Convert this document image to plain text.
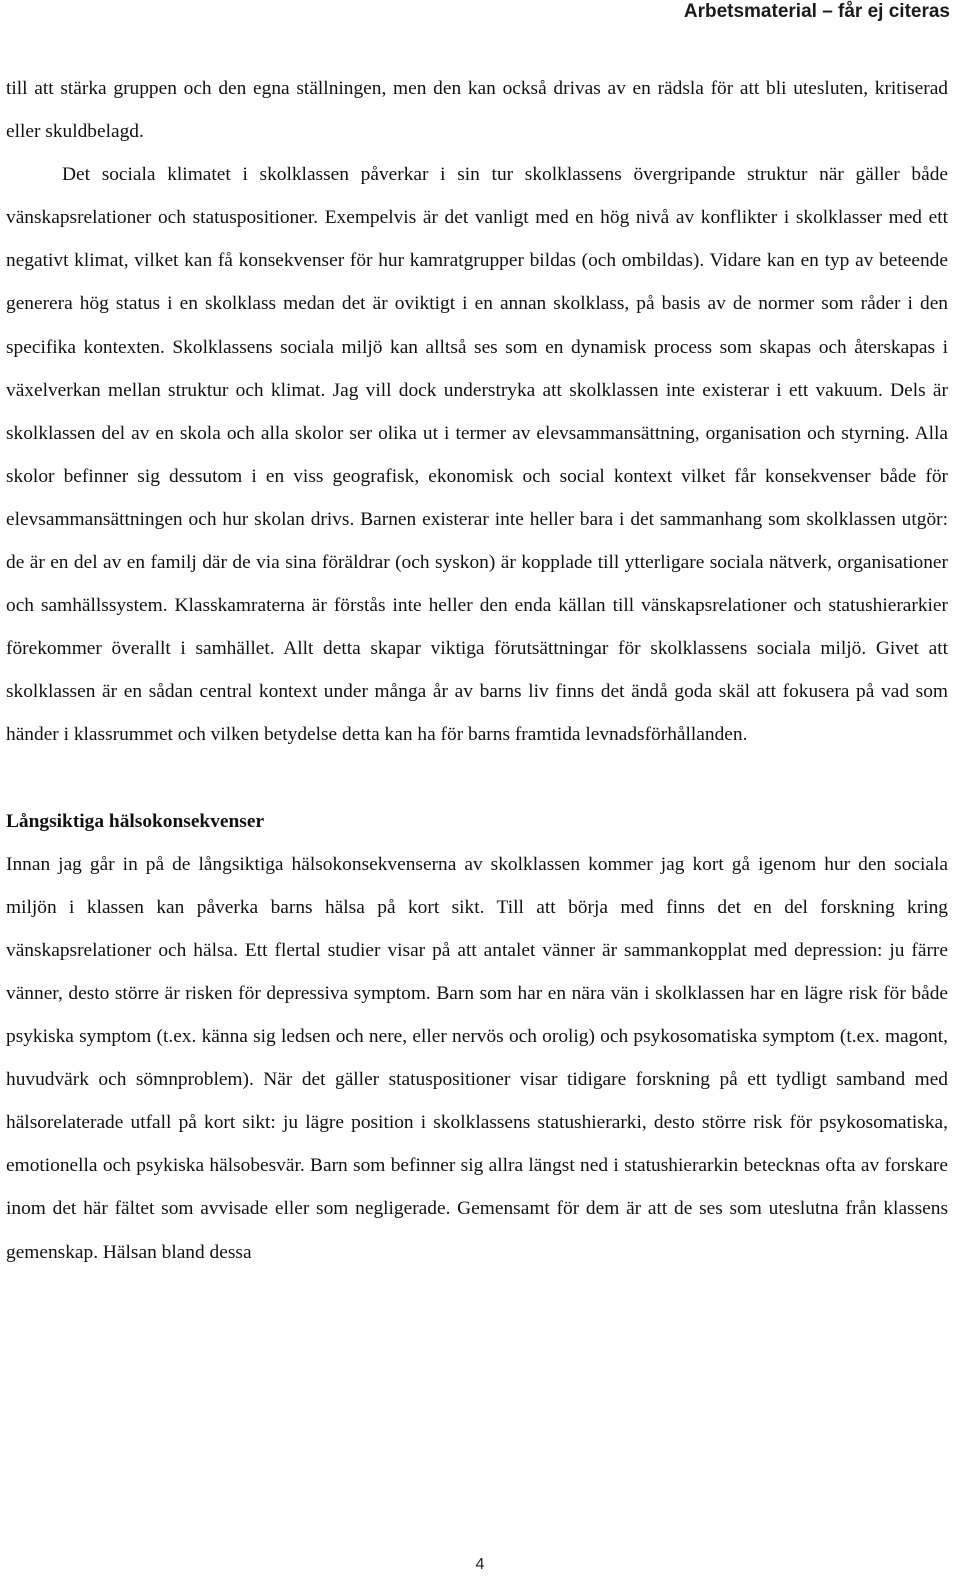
Arbetsmaterial – får ej citeras

till att stärka gruppen och den egna ställningen, men den kan också drivas av en rädsla för att bli utesluten, kritiserad eller skuldbelagd.

Det sociala klimatet i skolklassen påverkar i sin tur skolklassens övergripande struktur när gäller både vänskapsrelationer och statuspositioner. Exempelvis är det vanligt med en hög nivå av konflikter i skolklasser med ett negativt klimat, vilket kan få konsekvenser för hur kamratgrupper bildas (och ombildas). Vidare kan en typ av beteende generera hög status i en skolklass medan det är oviktigt i en annan skolklass, på basis av de normer som råder i den specifika kontexten. Skolklassens sociala miljö kan alltså ses som en dynamisk process som skapas och återskapas i växelverkan mellan struktur och klimat. Jag vill dock understryka att skolklassen inte existerar i ett vakuum. Dels är skolklassen del av en skola och alla skolor ser olika ut i termer av elevsammansättning, organisation och styrning. Alla skolor befinner sig dessutom i en viss geografisk, ekonomisk och social kontext vilket får konsekvenser både för elevsammansättningen och hur skolan drivs. Barnen existerar inte heller bara i det sammanhang som skolklassen utgör: de är en del av en familj där de via sina föräldrar (och syskon) är kopplade till ytterligare sociala nätverk, organisationer och samhällssystem. Klasskamraterna är förstås inte heller den enda källan till vänskapsrelationer och statushierarkier förekommer överallt i samhället. Allt detta skapar viktiga förutsättningar för skolklassens sociala miljö. Givet att skolklassen är en sådan central kontext under många år av barns liv finns det ändå goda skäl att fokusera på vad som händer i klassrummet och vilken betydelse detta kan ha för barns framtida levnadsförhållanden.

Långsiktiga hälsokonsekvenser

Innan jag går in på de långsiktiga hälsokonsekvenserna av skolklassen kommer jag kort gå igenom hur den sociala miljön i klassen kan påverka barns hälsa på kort sikt. Till att börja med finns det en del forskning kring vänskapsrelationer och hälsa. Ett flertal studier visar på att antalet vänner är sammankopplat med depression: ju färre vänner, desto större är risken för depressiva symptom. Barn som har en nära vän i skolklassen har en lägre risk för både psykiska symptom (t.ex. känna sig ledsen och nere, eller nervös och orolig) och psykosomatiska symptom (t.ex. magont, huvudvärk och sömnproblem). När det gäller statuspositioner visar tidigare forskning på ett tydligt samband med hälsorelaterade utfall på kort sikt: ju lägre position i skolklassens statushierarki, desto större risk för psykosomatiska, emotionella och psykiska hälsobesvär. Barn som befinner sig allra längst ned i statushierarkin betecknas ofta av forskare inom det här fältet som avvisade eller som negligerade. Gemensamt för dem är att de ses som uteslutna från klassens gemenskap. Hälsan bland dessa

4
